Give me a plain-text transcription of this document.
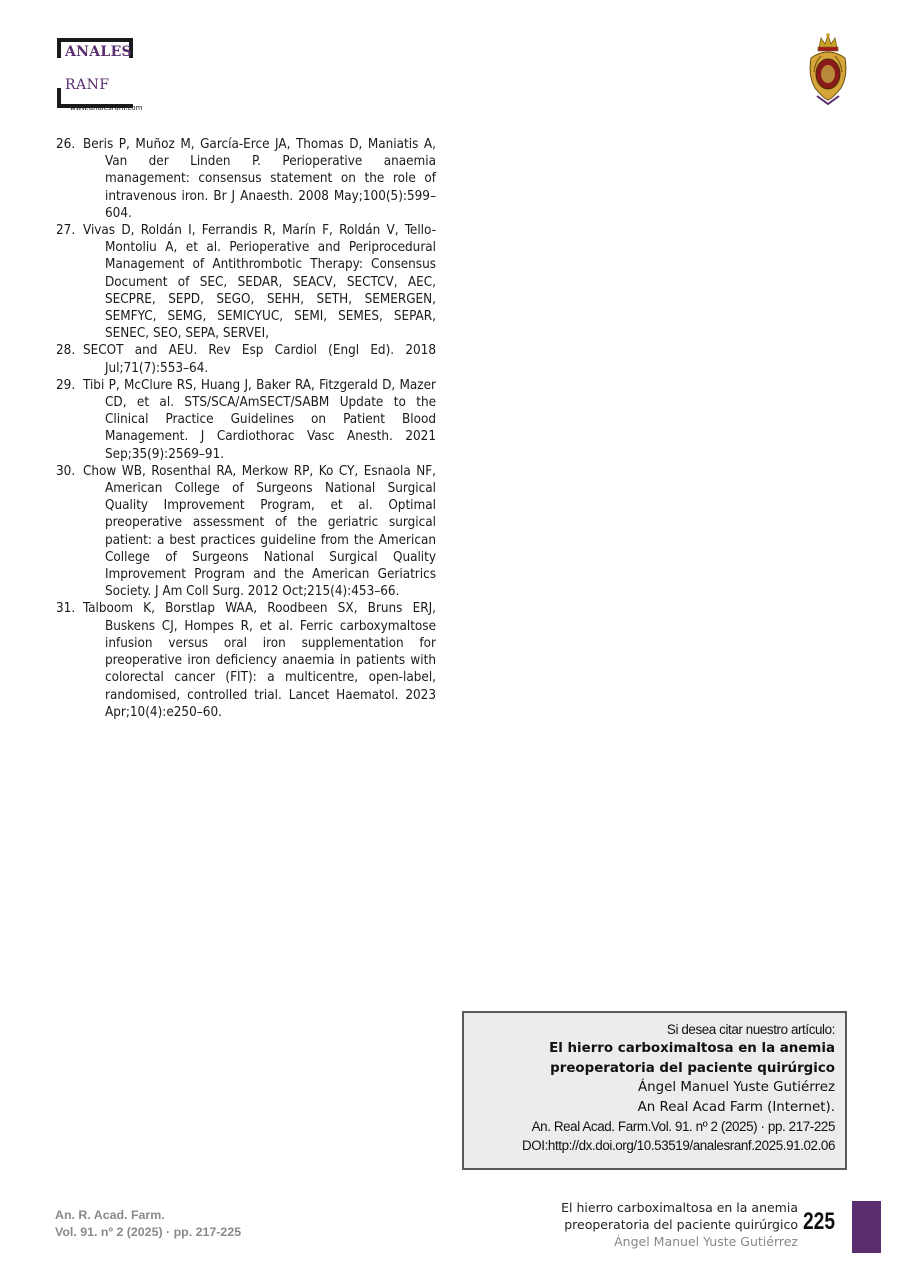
ANALES
RANF
www.analesranf.com
26. Beris P, Muñoz M, García-Erce JA, Thomas D, Maniatis A, Van der Linden P. Perioperative anaemia management: consensus statement on the role of intravenous iron. Br J Anaesth. 2008 May;100(5):599–604.
27. Vivas D, Roldán I, Ferrandis R, Marín F, Roldán V, Tello-Montoliu A, et al. Perioperative and Periprocedural Management of Antithrombotic Therapy: Consensus Document of SEC, SEDAR, SEACV, SECTCV, AEC, SECPRE, SEPD, SEGO, SEHH, SETH, SEMERGEN, SEMFYC, SEMG, SEMICYUC, SEMI, SEMES, SEPAR, SENEC, SEO, SEPA, SERVEI,
28. SECOT and AEU. Rev Esp Cardiol (Engl Ed). 2018 Jul;71(7):553–64.
29. Tibi P, McClure RS, Huang J, Baker RA, Fitzgerald D, Mazer CD, et al. STS/SCA/AmSECT/SABM Update to the Clinical Practice Guidelines on Patient Blood Management. J Cardiothorac Vasc Anesth. 2021 Sep;35(9):2569–91.
30. Chow WB, Rosenthal RA, Merkow RP, Ko CY, Esnaola NF, American College of Surgeons National Surgical Quality Improvement Program, et al. Optimal preoperative assessment of the geriatric surgical patient: a best practices guideline from the American College of Surgeons National Surgical Quality Improvement Program and the American Geriatrics Society. J Am Coll Surg. 2012 Oct;215(4):453–66.
31. Talboom K, Borstlap WAA, Roodbeen SX, Bruns ERJ, Buskens CJ, Hompes R, et al. Ferric carboxymaltose infusion versus oral iron supplementation for preoperative iron deficiency anaemia in patients with colorectal cancer (FIT): a multicentre, open-label, randomised, controlled trial. Lancet Haematol. 2023 Apr;10(4):e250–60.
Si desea citar nuestro artículo:
El hierro carboximaltosa en la anemia
preoperatoria del paciente quirúrgico
Ángel Manuel Yuste Gutiérrez
An Real Acad Farm (Internet).
An. Real Acad. Farm.Vol. 91. nº 2 (2025) · pp. 217-225
DOI:http://dx.doi.org/10.53519/analesranf.2025.91.02.06
An. R. Acad. Farm.
Vol. 91. nº 2 (2025) · pp. 217-225
El hierro carboximaltosa en la anemia
preoperatoria del paciente quirúrgico
Ángel Manuel Yuste Gutiérrez
225
